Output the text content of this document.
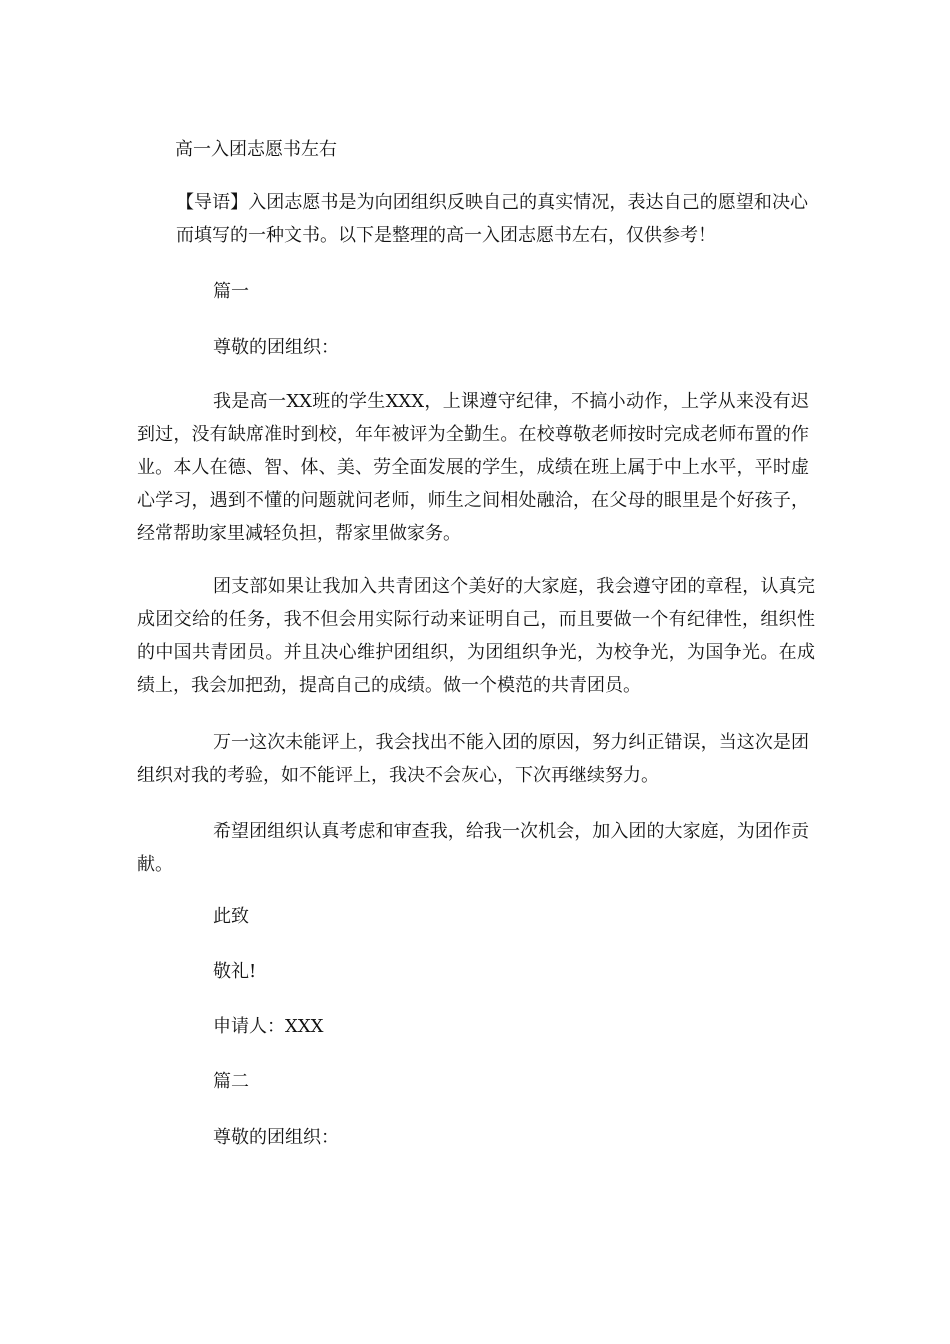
高一入团志愿书左右
【导语】入团志愿书是为向团组织反映自己的真实情况，表达自己的愿望和决心而填写的一种文书。以下是整理的高一入团志愿书左右，仅供参考！
篇一
尊敬的团组织：
我是高一XX班的学生XXX，上课遵守纪律，不搞小动作，上学从来没有迟到过，没有缺席准时到校，年年被评为全勤生。在校尊敬老师按时完成老师布置的作业。本人在德、智、体、美、劳全面发展的学生，成绩在班上属于中上水平，平时虚心学习，遇到不懂的问题就问老师，师生之间相处融洽，在父母的眼里是个好孩子，经常帮助家里减轻负担，帮家里做家务。
团支部如果让我加入共青团这个美好的大家庭，我会遵守团的章程，认真完成团交给的任务，我不但会用实际行动来证明自己，而且要做一个有纪律性，组织性的中国共青团员。并且决心维护团组织，为团组织争光，为校争光，为国争光。在成绩上，我会加把劲，提高自己的成绩。做一个模范的共青团员。
万一这次未能评上，我会找出不能入团的原因，努力纠正错误，当这次是团组织对我的考验，如不能评上，我决不会灰心，下次再继续努力。
希望团组织认真考虑和审查我，给我一次机会，加入团的大家庭，为团作贡献。
此致
敬礼!
申请人：XXX
篇二
尊敬的团组织：
